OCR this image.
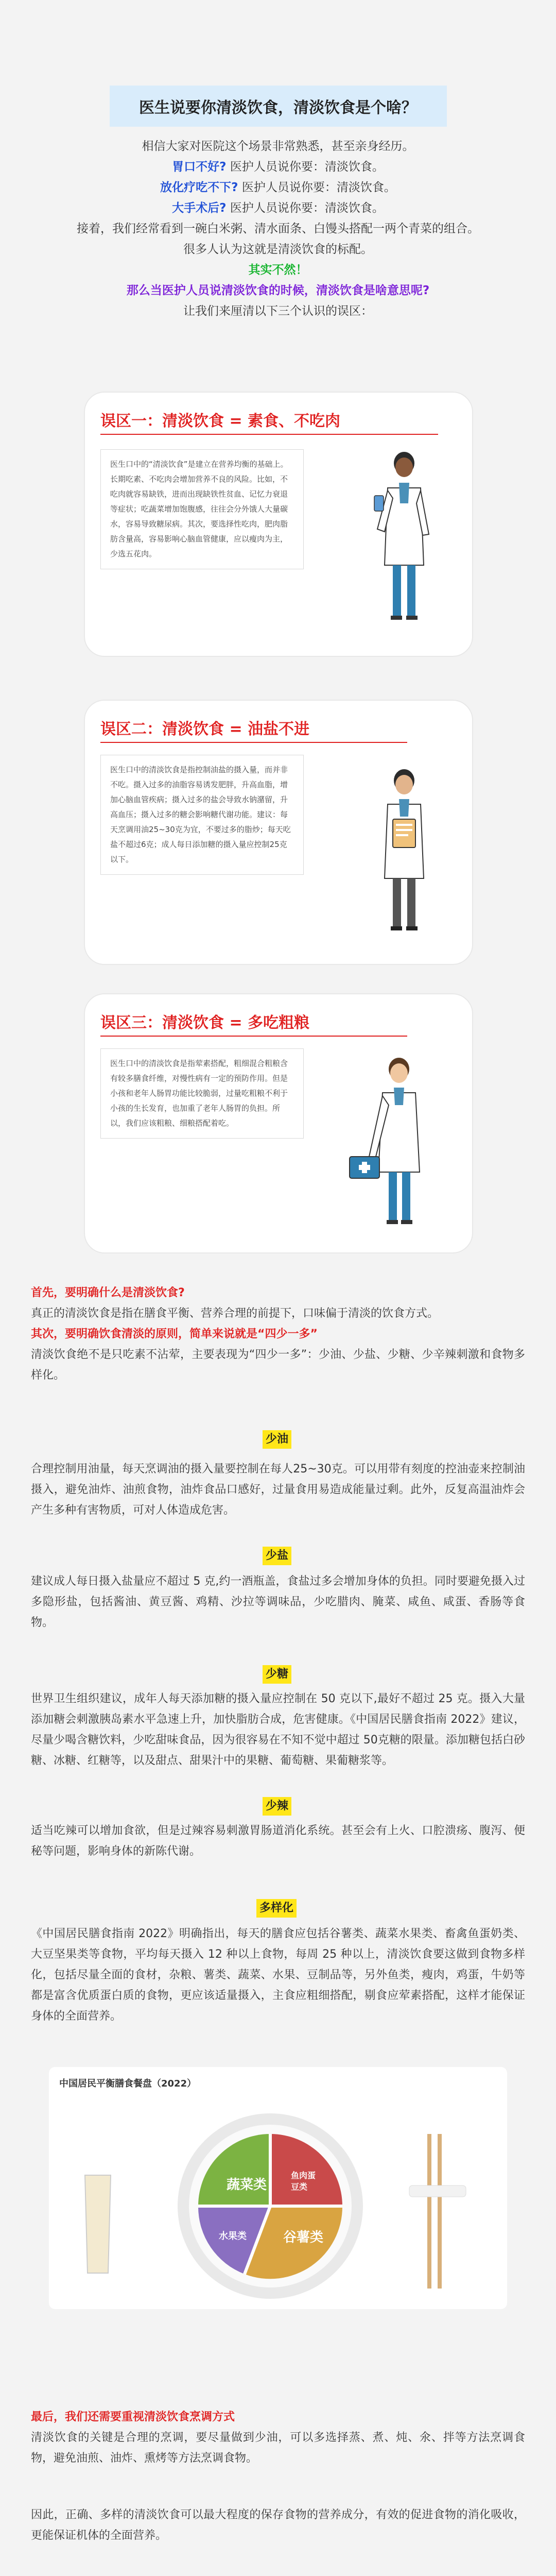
医生说要你清淡饮食，清淡饮食是个啥？

相信大家对医院这个场景非常熟悉，甚至亲身经历。

胃口不好? 医护人员说你要：清淡饮食。

放化疗吃不下? 医护人员说你要：清淡饮食。

大手术后? 医护人员说你要：清淡饮食。

接着，我们经常看到一碗白米粥、清水面条、白馒头搭配一两个青菜的组合。

很多人认为这就是清淡饮食的标配。

其实不然！

那么当医护人员说清淡饮食的时候，清淡饮食是啥意思呢?

让我们来厘清以下三个认识的误区：

误区一：清淡饮食 = 素食、不吃肉
医生口中的“清淡饮食”是建立在营养均衡的基础上。长期吃素、不吃肉会增加营养不良的风险。比如，不吃肉就容易缺铁，进而出现缺铁性贫血、记忆力衰退等症状；吃蔬菜增加饱腹感，往往会分外饿人大量碳水，容易导致糖尿病。其次，要选择性吃肉，肥肉脂肪含量高，容易影响心脑血管健康，应以瘦肉为主，少选五花肉。
误区二：清淡饮食 = 油盐不进
医生口中的清淡饮食是指控制油盐的摄入量，而并非不吃。摄入过多的油脂容易诱发肥胖，升高血脂，增加心脑血管疾病；摄入过多的盐会导致水钠潴留，升高血压；摄入过多的糖会影响糖代谢功能。建议：每天烹调用油25~30克为宜，不要过多的脂炒；每天吃盐不超过6克；成人每日添加糖的摄入量应控制25克以下。
误区三：清淡饮食 = 多吃粗粮
医生口中的清淡饮食是指荤素搭配，粗细混合粗粮含有较多膳食纤维，对慢性病有一定的预防作用。但是小孩和老年人肠胃功能比较脆弱，过量吃粗粮不利于小孩的生长发育，也加重了老年人肠胃的负担。所以，我们应该粗粮、细粮搭配着吃。

首先，要明确什么是清淡饮食?

真正的清淡饮食是指在膳食平衡、营养合理的前提下，口味偏于清淡的饮食方式。

其次，要明确饮食清淡的原则，简单来说就是“四少一多”

清淡饮食绝不是只吃素不沾荤，主要表现为“四少一多”：少油、少盐、少糖、少辛辣刺激和食物多样化。

少油
合理控制用油量，每天烹调油的摄入量要控制在每人25~30克。可以用带有刻度的控油壶来控制油摄入，避免油炸、油煎食物，油炸食品口感好，过量食用易造成能量过剩。此外，反复高温油炸会产生多种有害物质，可对人体造成危害。
少盐
建议成人每日摄入盐量应不超过 5 克,约一酒瓶盖，食盐过多会增加身体的负担。同时要避免摄入过多隐形盐，包括酱油、黄豆酱、鸡精、沙拉等调味品，少吃腊肉、腌菜、咸鱼、咸蛋、香肠等食物。
少糖
世界卫生组织建议，成年人每天添加糖的摄入量应控制在 50 克以下,最好不超过 25 克。摄入大量添加糖会刺激胰岛素水平急速上升，加快脂肪合成，危害健康。《中国居民膳食指南 2022》建议，尽量少喝含糖饮料，少吃甜味食品，因为很容易在不知不觉中超过 50克糖的限量。添加糖包括白砂糖、冰糖、红糖等，以及甜点、甜果汁中的果糖、葡萄糖、果葡糖浆等。
少辣
适当吃辣可以增加食欲，但是过辣容易刺激胃肠道消化系统。甚至会有上火、口腔溃疡、腹泻、便秘等问题，影响身体的新陈代谢。
多样化
《中国居民膳食指南 2022》明确指出，每天的膳食应包括谷薯类、蔬菜水果类、畜禽鱼蛋奶类、大豆坚果类等食物，平均每天摄入 12 种以上食物，每周 25 种以上，清淡饮食要这做到食物多样化，包括尽量全面的食材，杂粮、薯类、蔬菜、水果、豆制品等，另外鱼类，瘦肉，鸡蛋，牛奶等都是富含优质蛋白质的食物，更应该适量摄入，主食应粗细搭配，剔食应荤素搭配，这样才能保证身体的全面营养。
中国居民平衡膳食餐盘（2022）
蔬菜类
水果类
鱼肉蛋豆类
谷薯类

最后，我们还需要重视清淡饮食烹调方式

清淡饮食的关键是合理的烹调，要尽量做到少油，可以多选择蒸、煮、炖、氽、拌等方法烹调食物，避免油煎、油炸、熏烤等方法烹调食物。

因此，正确、多样的清淡饮食可以最大程度的保存食物的营养成分，有效的促进食物的消化吸收，更能保证机体的全面营养。
